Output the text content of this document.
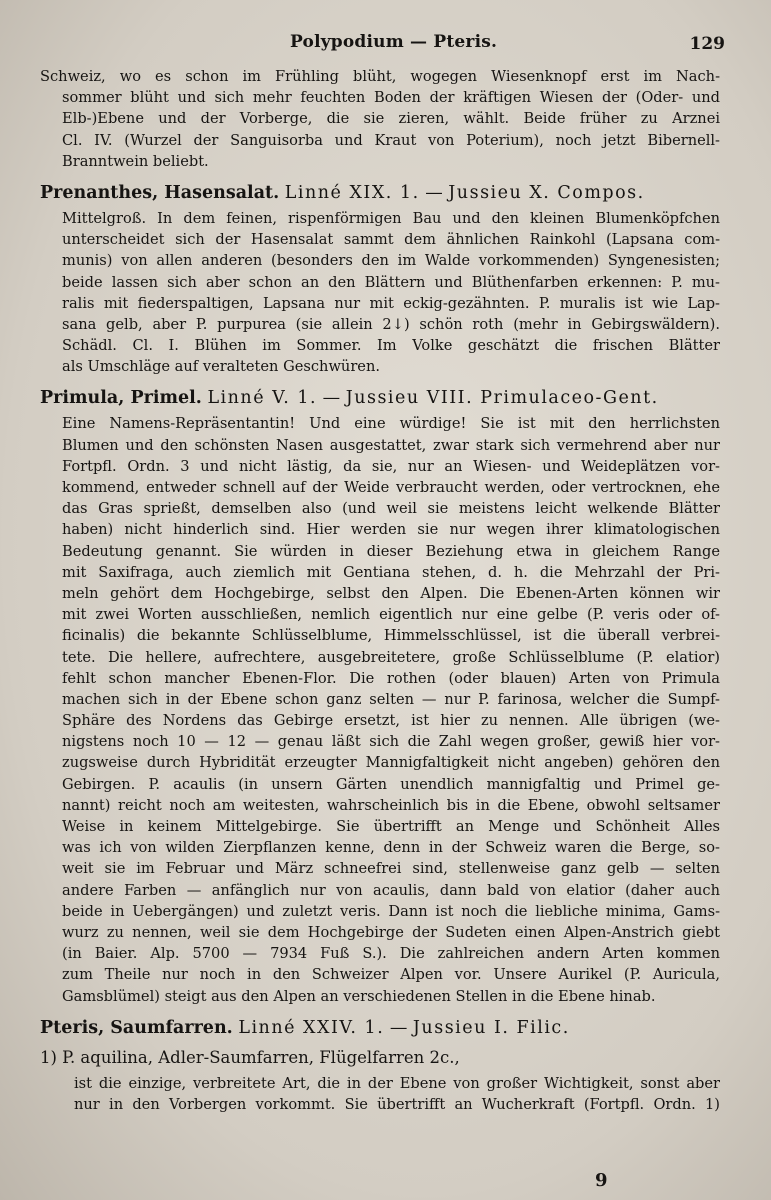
Polypodium — Pteris.	129
Schweiz, wo es schon im Frühling blüht, wogegen Wiesenknopf erst im Nach-
sommer blüht und sich mehr feuchten Boden der kräftigen Wiesen der (Oder- und
Elb-)Ebene und der Vorberge, die sie zieren, wählt. Beide früher zu Arznei
Cl. IV. (Wurzel der Sanguisorba und Kraut von Poterium), noch jetzt Bibernell-
Branntwein beliebt.
Prenanthes, Hasensalat. Linné XIX. 1. — Jussieu X. Compos.
Mittelgroß. In dem feinen, rispenförmigen Bau und den kleinen Blumenköpfchen
unterscheidet sich der Hasensalat sammt dem ähnlichen Rainkohl (Lapsana com-
munis) von allen anderen (besonders den im Walde vorkommenden) Syngenesisten;
beide lassen sich aber schon an den Blättern und Blüthenfarben erkennen: P. mu-
ralis mit fiederspaltigen, Lapsana nur mit eckig-gezähnten. P. muralis ist wie Lap-
sana gelb, aber P. purpurea (sie allein 2↓) schön roth (mehr in Gebirgswäldern).
Schädl. Cl. I. Blühen im Sommer. Im Volke geschätzt die frischen Blätter
als Umschläge auf veralteten Geschwüren.
Primula, Primel. Linné V. 1. — Jussieu VIII. Primulaceo-Gent.
Eine Namens-Repräsentantin! Und eine würdige! Sie ist mit den herrlichsten
Blumen und den schönsten Nasen ausgestattet, zwar stark sich vermehrend aber nur
Fortpfl. Ordn. 3 und nicht lästig, da sie, nur an Wiesen- und Weideplätzen vor-
kommend, entweder schnell auf der Weide verbraucht werden, oder vertrocknen, ehe
das Gras sprießt, demselben also (und weil sie meistens leicht welkende Blätter
haben) nicht hinderlich sind. Hier werden sie nur wegen ihrer klimatologischen
Bedeutung genannt. Sie würden in dieser Beziehung etwa in gleichem Range
mit Saxifraga, auch ziemlich mit Gentiana stehen, d. h. die Mehrzahl der Pri-
meln gehört dem Hochgebirge, selbst den Alpen. Die Ebenen-Arten können wir
mit zwei Worten ausschließen, nemlich eigentlich nur eine gelbe (P. veris oder of-
ficinalis) die bekannte Schlüsselblume, Himmelsschlüssel, ist die überall verbrei-
tete. Die hellere, aufrechtere, ausgebreitetere, große Schlüsselblume (P. elatior)
fehlt schon mancher Ebenen-Flor. Die rothen (oder blauen) Arten von Primula
machen sich in der Ebene schon ganz selten — nur P. farinosa, welcher die Sumpf-
Sphäre des Nordens das Gebirge ersetzt, ist hier zu nennen. Alle übrigen (we-
nigstens noch 10 — 12 — genau läßt sich die Zahl wegen großer, gewiß hier vor-
zugsweise durch Hybridität erzeugter Mannigfaltigkeit nicht angeben) gehören den
Gebirgen. P. acaulis (in unsern Gärten unendlich mannigfaltig und Primel ge-
nannt) reicht noch am weitesten, wahrscheinlich bis in die Ebene, obwohl seltsamer
Weise in keinem Mittelgebirge. Sie übertrifft an Menge und Schönheit Alles
was ich von wilden Zierpflanzen kenne, denn in der Schweiz waren die Berge, so-
weit sie im Februar und März schneefrei sind, stellenweise ganz gelb — selten
andere Farben — anfänglich nur von acaulis, dann bald von elatior (daher auch
beide in Uebergängen) und zuletzt veris. Dann ist noch die liebliche minima, Gams-
wurz zu nennen, weil sie dem Hochgebirge der Sudeten einen Alpen-Anstrich giebt
(in Baier. Alp. 5700 — 7934 Fuß S.). Die zahlreichen andern Arten kommen
zum Theile nur noch in den Schweizer Alpen vor. Unsere Aurikel (P. Auricula,
Gamsblümel) steigt aus den Alpen an verschiedenen Stellen in die Ebene hinab.
Pteris, Saumfarren. Linné XXIV. 1. — Jussieu I. Filic.
1) P. aquilina, Adler-Saumfarren, Flügelfarren 2c.,
ist die einzige, verbreitete Art, die in der Ebene von großer Wichtigkeit, sonst aber
nur in den Vorbergen vorkommt. Sie übertrifft an Wucherkraft (Fortpfl. Ordn. 1)
9
